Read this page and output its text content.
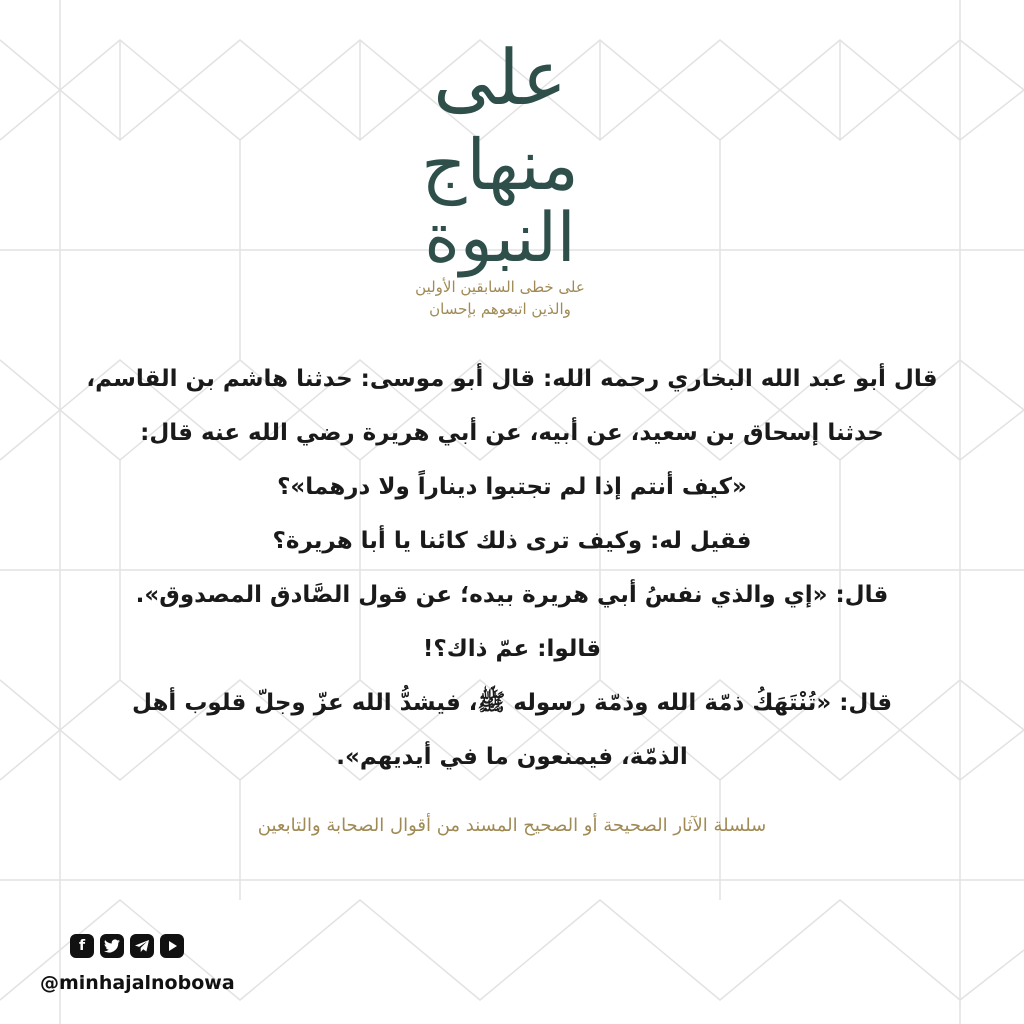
على
منهاج
النبوة
على خطى السابقين الأولين
والذين اتبعوهم بإحسان
قال أبو عبد الله البخاري رحمه الله: قال أبو موسى: حدثنا هاشم بن القاسم،
حدثنا إسحاق بن سعيد، عن أبيه، عن أبي هريرة رضي الله عنه قال:
«كيف أنتم إذا لم تجتبوا ديناراً ولا درهما»؟
فقيل له: وكيف ترى ذلك كائنا يا أبا هريرة؟
قال: «إي والذي نفسُ أبي هريرة بيده؛ عن قول الصَّادق المصدوق».
قالوا: عمّ ذاك؟!
قال: «تُنْتَهَكُ ذمّة الله وذمّة رسوله ﷺ، فيشدُّ الله عزّ وجلّ قلوب أهل
الذمّة، فيمنعون ما في أيديهم».
سلسلة الآثار الصحيحة أو الصحيح المسند من أقوال الصحابة والتابعين
f
@minhajalnobowa
